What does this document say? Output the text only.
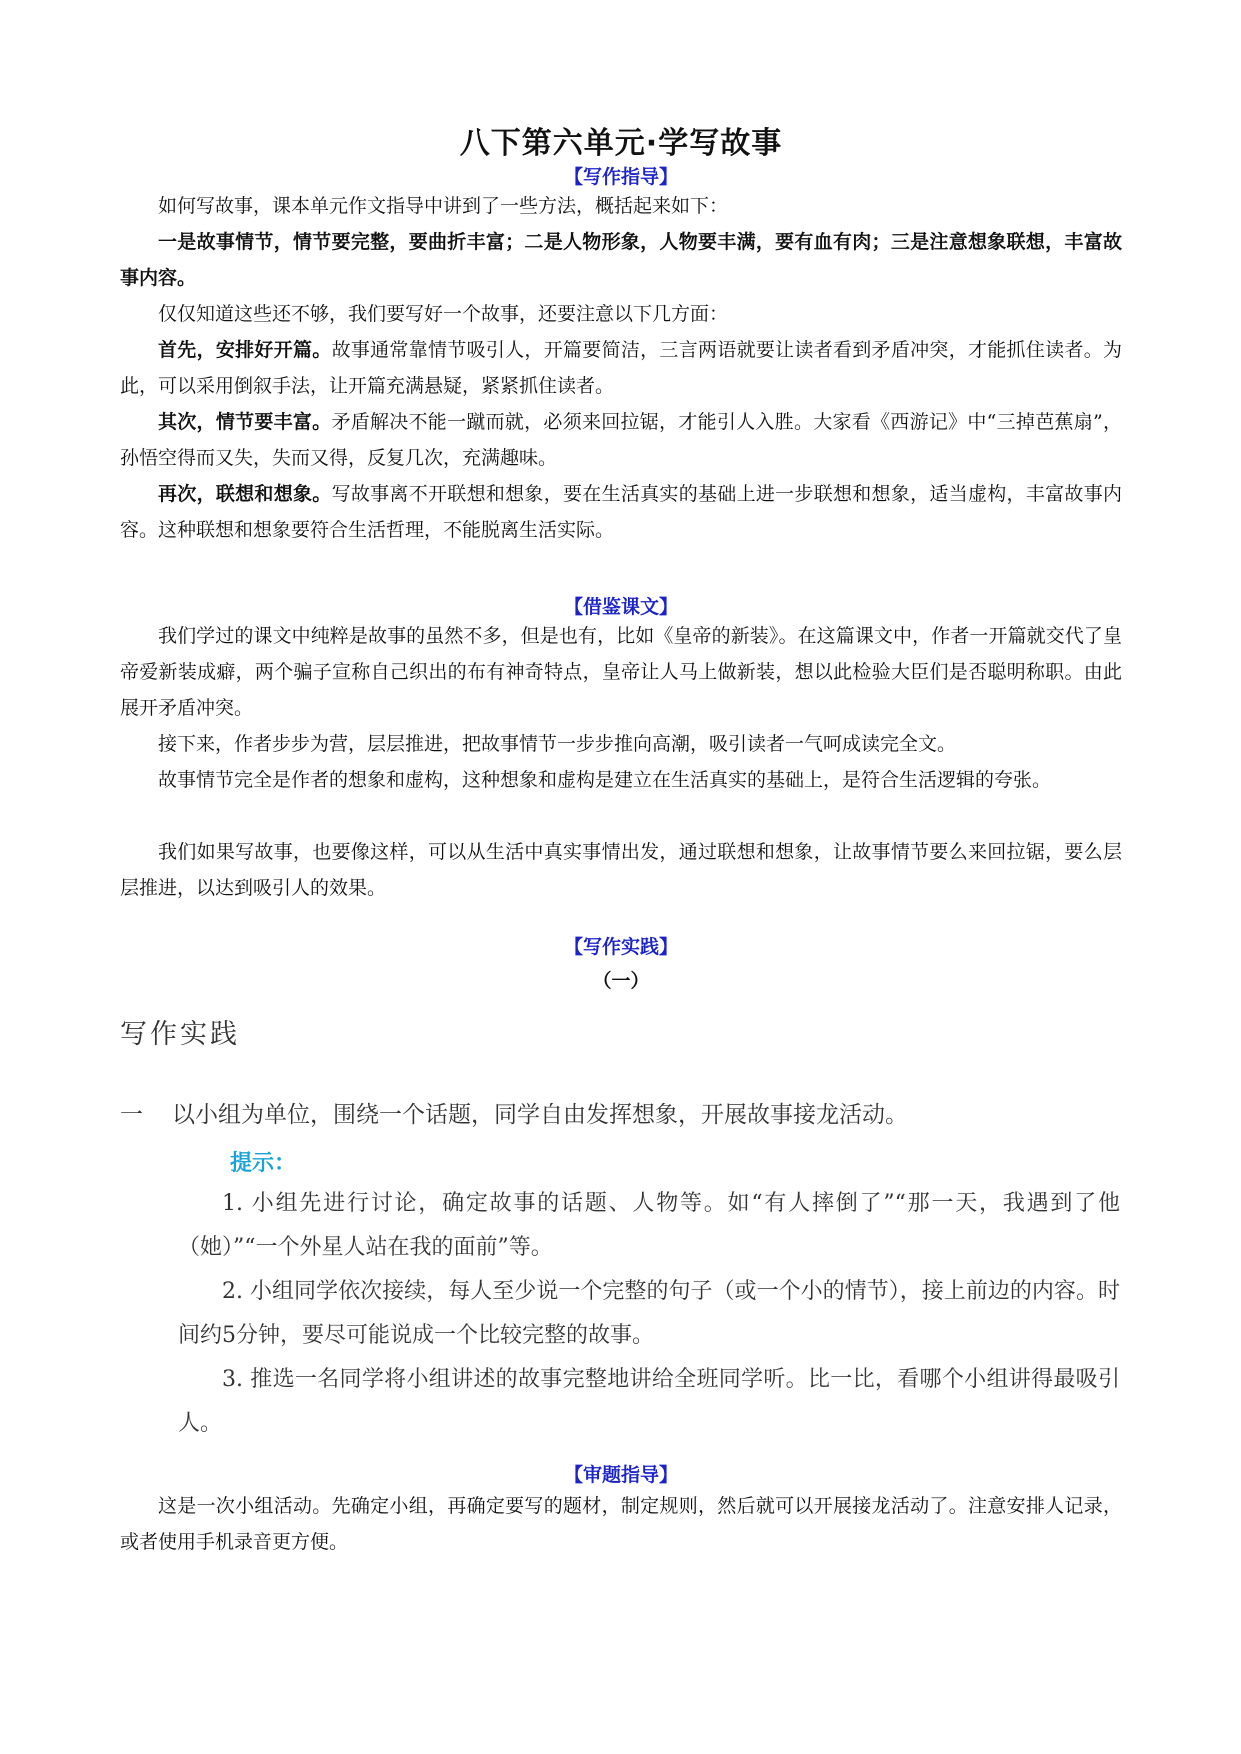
八下第六单元·学写故事
【写作指导】

如何写故事，课本单元作文指导中讲到了一些方法，概括起来如下：

一是故事情节，情节要完整，要曲折丰富；二是人物形象，人物要丰满，要有血有肉；三是注意想象联想，丰富故事内容。

仅仅知道这些还不够，我们要写好一个故事，还要注意以下几方面：

首先，安排好开篇。故事通常靠情节吸引人，开篇要简洁，三言两语就要让读者看到矛盾冲突，才能抓住读者。为此，可以采用倒叙手法，让开篇充满悬疑，紧紧抓住读者。

其次，情节要丰富。矛盾解决不能一蹴而就，必须来回拉锯，才能引人入胜。大家看《西游记》中“三掉芭蕉扇”，孙悟空得而又失，失而又得，反复几次，充满趣味。

再次，联想和想象。写故事离不开联想和想象，要在生活真实的基础上进一步联想和想象，适当虚构，丰富故事内容。这种联想和想象要符合生活哲理，不能脱离生活实际。

【借鉴课文】

我们学过的课文中纯粹是故事的虽然不多，但是也有，比如《皇帝的新装》。在这篇课文中，作者一开篇就交代了皇帝爱新装成癖，两个骗子宣称自己织出的布有神奇特点，皇帝让人马上做新装，想以此检验大臣们是否聪明称职。由此展开矛盾冲突。

接下来，作者步步为营，层层推进，把故事情节一步步推向高潮，吸引读者一气呵成读完全文。

故事情节完全是作者的想象和虚构，这种想象和虚构是建立在生活真实的基础上，是符合生活逻辑的夸张。

我们如果写故事，也要像这样，可以从生活中真实事情出发，通过联想和想象，让故事情节要么来回拉锯，要么层层推进，以达到吸引人的效果。

【写作实践】
（一）
写作实践

一 以小组为单位，围绕一个话题，同学自由发挥想象，开展故事接龙活动。

提示：

1. 小组先进行讨论，确定故事的话题、人物等。如“有人摔倒了”“那一天，我遇到了他（她）”“一个外星人站在我的面前”等。

2. 小组同学依次接续，每人至少说一个完整的句子（或一个小的情节），接上前边的内容。时间约5分钟，要尽可能说成一个比较完整的故事。

3. 推选一名同学将小组讲述的故事完整地讲给全班同学听。比一比，看哪个小组讲得最吸引人。

【审题指导】

这是一次小组活动。先确定小组，再确定要写的题材，制定规则，然后就可以开展接龙活动了。注意安排人记录，或者使用手机录音更方便。
